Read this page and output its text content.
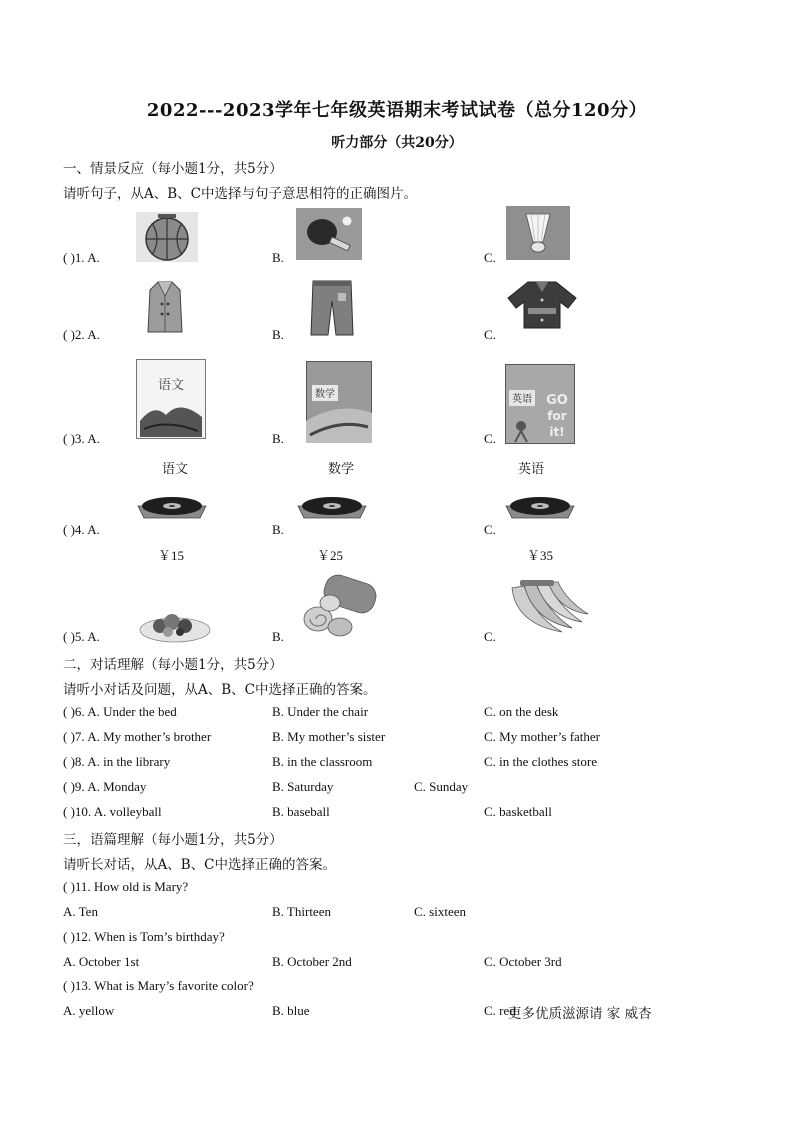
2022---2023学年七年级英语期末考试试卷（总分120分）
听力部分（共20分）
一、情景反应（每小题1分，共5分）
请听句子，从A、B、C中选择与句子意思相符的正确图片。
( )1. A.	B.	C.
( )2. A.	B.	C.
( )3. A.	B.	C.
语文
数学	英语 GO
for
it!
语文	数学	英语
( )4. A.	B.	C.
￥15	￥25	￥35
( )5. A.	B.	C.
二，对话理解（每小题1分，共5分）
请听小对话及问题，从A、B、C中选择正确的答案。
( )6. A. Under the bed	B. Under the chair	C. on the desk
( )7. A. My mother’s brother	B. My mother’s sister	C. My mother’s father
( )8. A. in the library	B. in the classroom	C. in the clothes store
( )9. A. Monday	B. Saturday	C. Sunday
( )10. A. volleyball	B. baseball	C. basketball
三，语篇理解（每小题1分，共5分）
请听长对话，从A、B、C中选择正确的答案。
( )11. How old is Mary?
A. Ten	B. Thirteen	C. sixteen
( )12. When is Tom’s birthday?
A. October 1st	B. October 2nd	C. October 3rd
( )13. What is Mary’s favorite color?
A. yellow	B. blue	C. red
更多优质滋源请 家 威杏
